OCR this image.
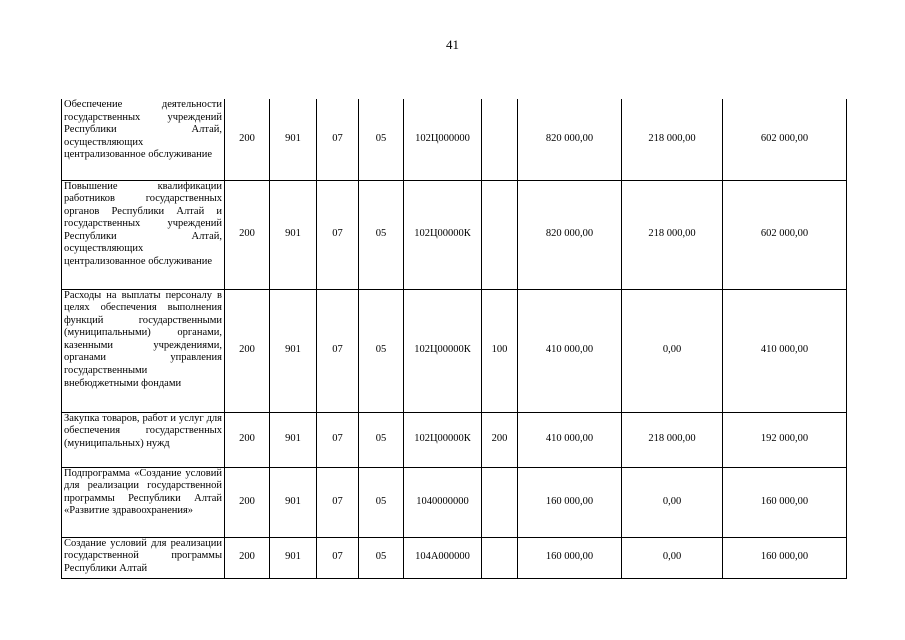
41
Обеспечение деятельности государственных учреждений Республики Алтай, осуществляющих централизованное обслуживание	200	901	07	05	102Ц000000		820 000,00	218 000,00	602 000,00
Повышение квалификации работников государственных органов Республики Алтай и государственных учреждений Республики Алтай, осуществляющих централизованное обслуживание	200	901	07	05	102Ц00000К		820 000,00	218 000,00	602 000,00
Расходы на выплаты персоналу в целях обеспечения выполнения функций государственными (муниципальными) органами, казенными учреждениями, органами управления государственными внебюджетными фондами	200	901	07	05	102Ц00000К	100	410 000,00	0,00	410 000,00
Закупка товаров, работ и услуг для обеспечения государственных (муниципальных) нужд	200	901	07	05	102Ц00000К	200	410 000,00	218 000,00	192 000,00
Подпрограмма «Создание условий для реализации государственной программы Республики Алтай «Развитие здравоохранения»	200	901	07	05	1040000000		160 000,00	0,00	160 000,00
Создание условий для реализации государственной программы Республики Алтай	200	901	07	05	104А000000		160 000,00	0,00	160 000,00
